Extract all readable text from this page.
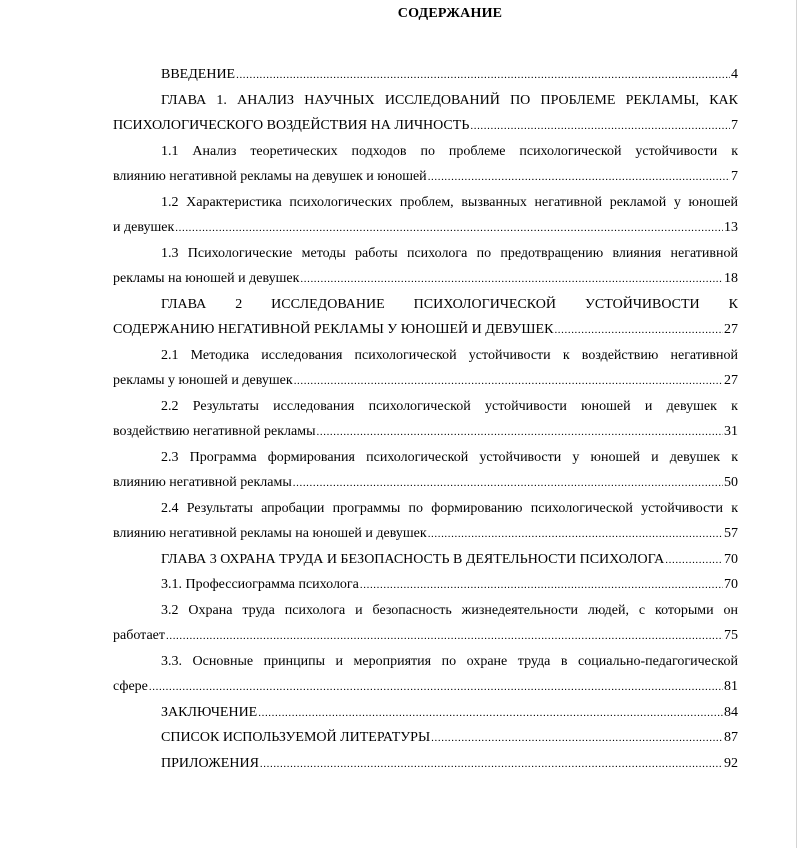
СОДЕРЖАНИЕ
ВВЕДЕНИЕ .....	4
ГЛАВА 1. АНАЛИЗ НАУЧНЫХ ИССЛЕДОВАНИЙ ПО ПРОБЛЕМЕ РЕКЛАМЫ, КАК
ПСИХОЛОГИЧЕСКОГО ВОЗДЕЙСТВИЯ НА ЛИЧНОСТЬ .....	7
1.1 Анализ теоретических подходов по проблеме психологической устойчивости к
влиянию негативной рекламы на девушек и юношей .....	7
1.2 Характеристика психологических проблем, вызванных негативной рекламой у юношей
и девушек .....	13
1.3 Психологические методы работы психолога по предотвращению влияния негативной
рекламы на юношей и девушек .....	18
ГЛАВА 2 ИССЛЕДОВАНИЕ ПСИХОЛОГИЧЕСКОЙ УСТОЙЧИВОСТИ К
СОДЕРЖАНИЮ НЕГАТИВНОЙ РЕКЛАМЫ У ЮНОШЕЙ И ДЕВУШЕК .....	27
2.1 Методика исследования психологической устойчивости к воздействию негативной
рекламы у юношей и девушек .....	27
2.2 Результаты исследования психологической устойчивости юношей и девушек к
воздействию негативной рекламы .....	31
2.3 Программа формирования психологической устойчивости у юношей и девушек к
влиянию негативной рекламы .....	50
2.4 Результаты апробации программы по формированию психологической устойчивости к
влиянию негативной рекламы на юношей и девушек .....	57
ГЛАВА 3 ОХРАНА ТРУДА И БЕЗОПАСНОСТЬ В ДЕЯТЕЛЬНОСТИ ПСИХОЛОГА .....	70
3.1. Профессиограмма психолога .....	70
3.2 Охрана труда психолога и безопасность жизнедеятельности людей, с которыми он
работает .....	75
3.3. Основные принципы и мероприятия по охране труда в социально-педагогической
сфере .....	81
ЗАКЛЮЧЕНИЕ .....	84
СПИСОК ИСПОЛЬЗУЕМОЙ ЛИТЕРАТУРЫ .....	87
ПРИЛОЖЕНИЯ .....	92
